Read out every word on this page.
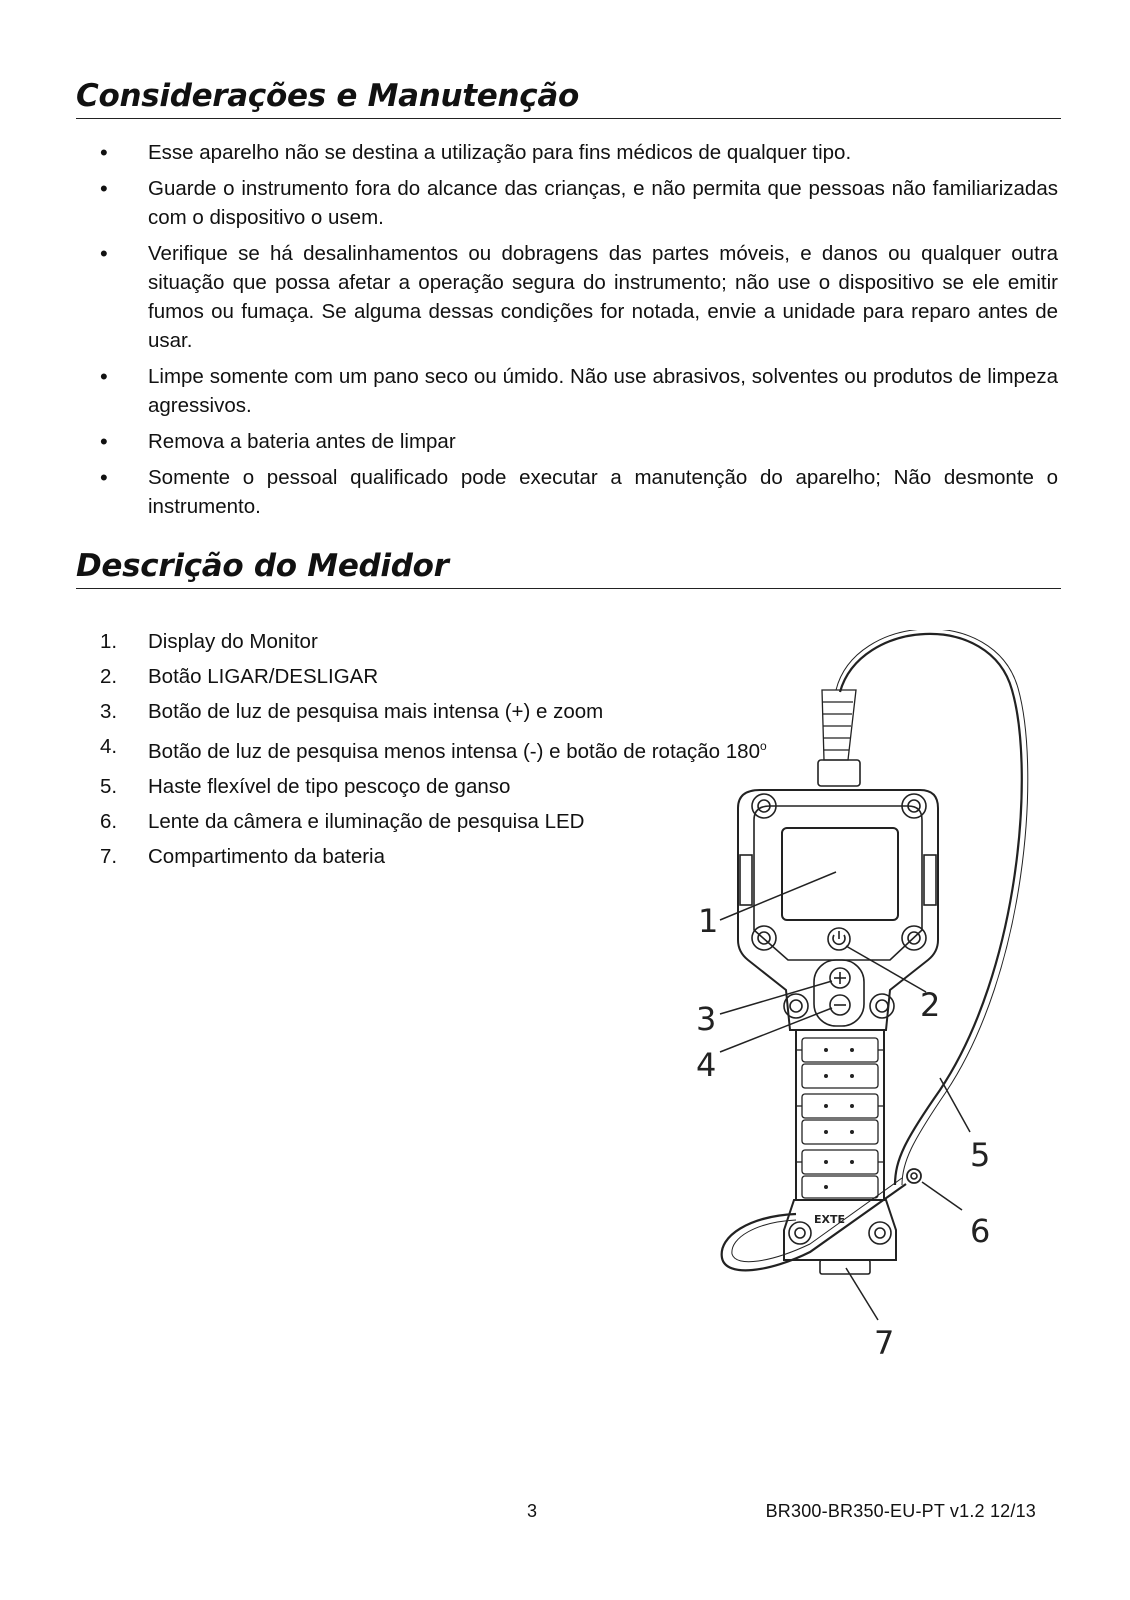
Considerações e Manutenção
• Esse aparelho não se destina a utilização para fins médicos de qualquer tipo.
• Guarde o instrumento fora do alcance das crianças, e não permita que pessoas não familiarizadas com o dispositivo o usem.
• Verifique se há desalinhamentos ou dobragens das partes móveis, e danos ou qualquer outra situação que possa afetar a operação segura do instrumento; não use o dispositivo se ele emitir fumos ou fumaça. Se alguma dessas condições for notada, envie a unidade para reparo antes de usar.
• Limpe somente com um pano seco ou úmido. Não use abrasivos, solventes ou produtos de limpeza agressivos.
• Remova a bateria antes de limpar
• Somente o pessoal qualificado pode executar a manutenção do aparelho; Não desmonte o instrumento.
Descrição do Medidor
1. Display do Monitor
2. Botão LIGAR/DESLIGAR
3. Botão de luz de pesquisa mais intensa (+) e zoom
4. Botão de luz de pesquisa menos intensa (-) e botão de rotação 180$^o$
5. Haste flexível de tipo pescoço de ganso
6. Lente da câmera e iluminação de pesquisa LED
7. Compartimento da bateria
EXTE
1
2
3
4
5
6
7
3	BR300-BR350-EU-PT v1.2 12/13
